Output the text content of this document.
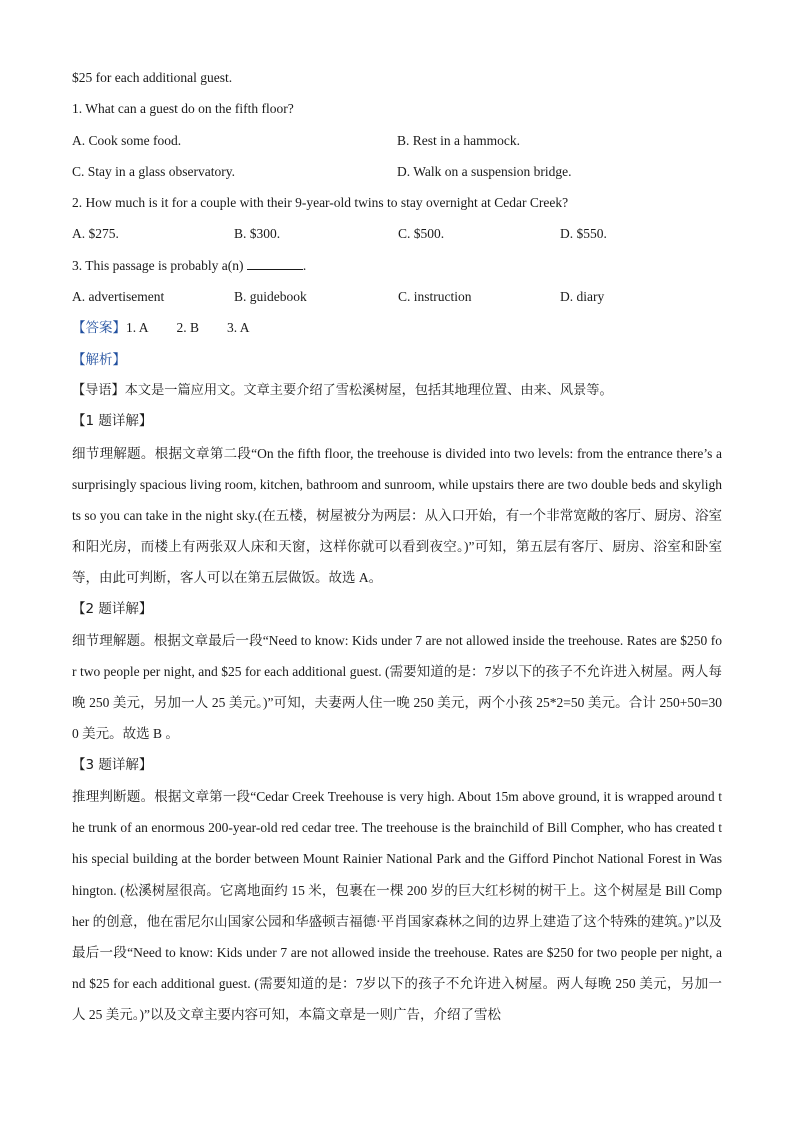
$25 for each additional guest.
1. What can a guest do on the fifth floor?
A. Cook some food.	B. Rest in a hammock.
C. Stay in a glass observatory.	D. Walk on a suspension bridge.
2. How much is it for a couple with their 9-year-old twins to stay overnight at Cedar Creek?
A. $275.	B. $300.	C. $500.	D. $550.
3. This passage is probably a(n)	.
A. advertisement	B. guidebook	C. instruction	D. diary
【答案】1. A 2. B 3. A
【解析】
【导语】本文是一篇应用文。文章主要介绍了雪松溪树屋，包括其地理位置、由来、风景等。
【1 题详解】
细节理解题。根据文章第二段“On the fifth floor, the treehouse is divided into two levels: from the entrance there’s a surprisingly spacious living room, kitchen, bathroom and sunroom, while upstairs there are two double beds and skylights so you can take in the night sky.(在五楼，树屋被分为两层：从入口开始，有一个非常宽敞的客厅、厨房、浴室和阳光房，而楼上有两张双人床和天窗，这样你就可以看到夜空。)”可知，第五层有客厅、厨房、浴室和卧室等，由此可判断，客人可以在第五层做饭。故选 A。
【2 题详解】
细节理解题。根据文章最后一段“Need to know: Kids under 7 are not allowed inside the treehouse. Rates are $250 for two people per night, and $25 for each additional guest. (需要知道的是：7岁以下的孩子不允许进入树屋。两人每晚 250 美元，另加一人 25 美元。)”可知，夫妻两人住一晚 250 美元，两个小孩 25*2=50 美元。合计 250+50=300 美元。故选 B 。
【3 题详解】
推理判断题。根据文章第一段“Cedar Creek Treehouse is very high. About 15m above ground, it is wrapped around the trunk of an enormous 200-year-old red cedar tree. The treehouse is the brainchild of Bill Compher, who has created this special building at the border between Mount Rainier National Park and the Gifford Pinchot National Forest in Washington. (松溪树屋很高。它离地面约 15 米，包裹在一棵 200 岁的巨大红杉树的树干上。这个树屋是 Bill Compher 的创意，他在雷尼尔山国家公园和华盛顿吉福德·平肖国家森林之间的边界上建造了这个特殊的建筑。)”以及最后一段“Need to know: Kids under 7 are not allowed inside the treehouse. Rates are $250 for two people per night, and $25 for each additional guest. (需要知道的是：7岁以下的孩子不允许进入树屋。两人每晚 250 美元，另加一人 25 美元。)”以及文章主要内容可知，本篇文章是一则广告，介绍了雪松
